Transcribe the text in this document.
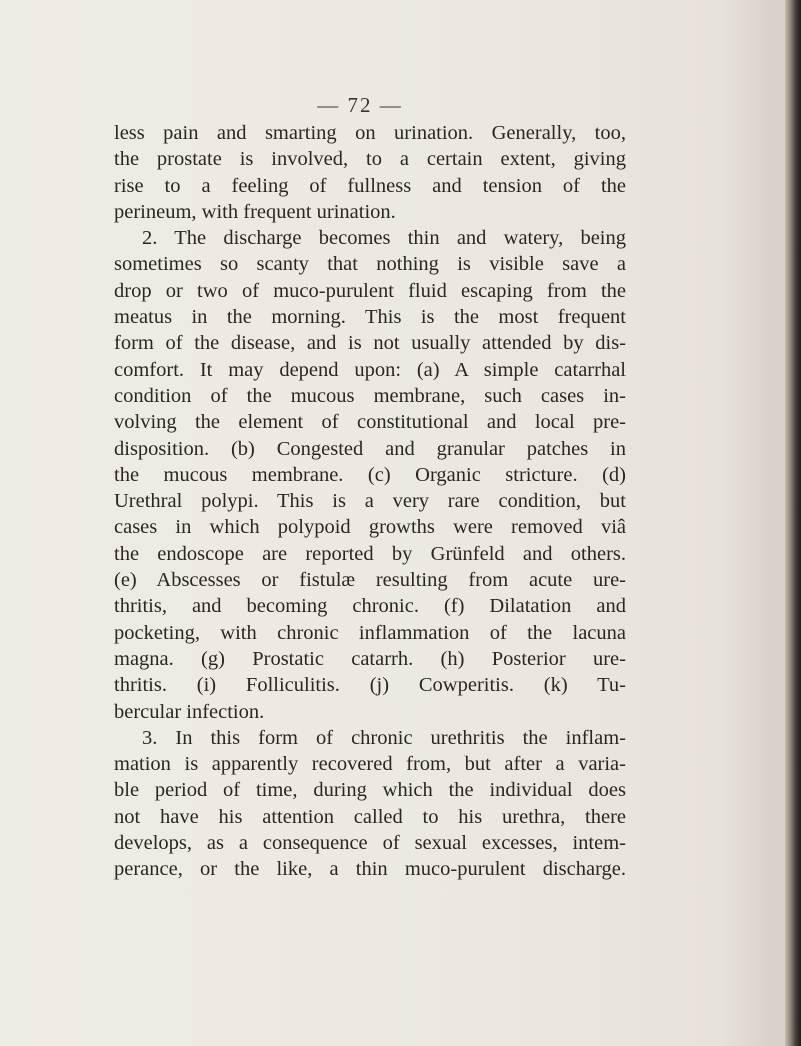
— 72 —
less pain and smarting on urination. Generally, too,
the prostate is involved, to a certain extent, giving
rise to a feeling of fullness and tension of the
perineum, with frequent urination.
2. The discharge becomes thin and watery, being
sometimes so scanty that nothing is visible save a
drop or two of muco-purulent fluid escaping from the
meatus in the morning. This is the most frequent
form of the disease, and is not usually attended by dis-
comfort. It may depend upon: (a) A simple catarrhal
condition of the mucous membrane, such cases in-
volving the element of constitutional and local pre-
disposition. (b) Congested and granular patches in
the mucous membrane. (c) Organic stricture. (d)
Urethral polypi. This is a very rare condition, but
cases in which polypoid growths were removed viâ
the endoscope are reported by Grünfeld and others.
(e) Abscesses or fistulæ resulting from acute ure-
thritis, and becoming chronic. (f) Dilatation and
pocketing, with chronic inflammation of the lacuna
magna. (g) Prostatic catarrh. (h) Posterior ure-
thritis. (i) Folliculitis. (j) Cowperitis. (k) Tu-
bercular infection.
3. In this form of chronic urethritis the inflam-
mation is apparently recovered from, but after a varia-
ble period of time, during which the individual does
not have his attention called to his urethra, there
develops, as a consequence of sexual excesses, intem-
perance, or the like, a thin muco-purulent discharge.
